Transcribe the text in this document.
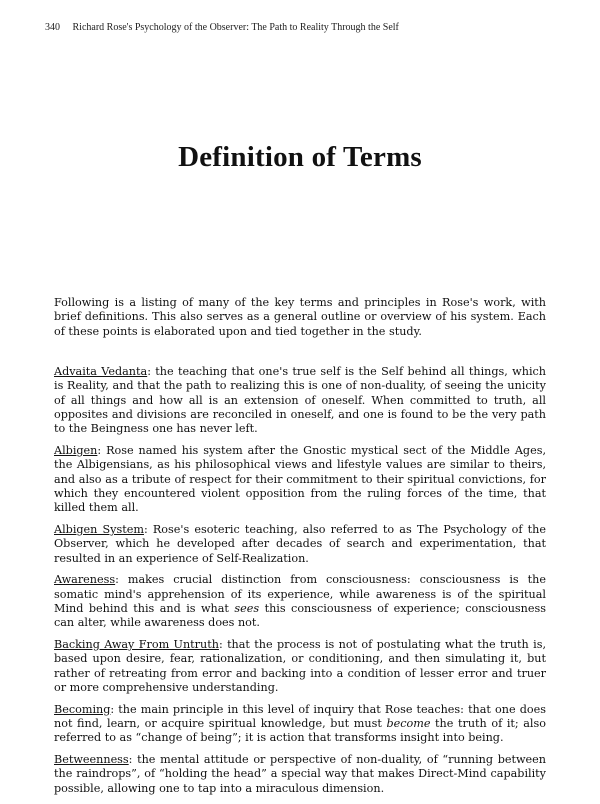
340 Richard Rose's Psychology of the Observer: The Path to Reality Through the Self
Definition of Terms

Following is a listing of many of the key terms and principles in Rose's work, with brief definitions. This also serves as a general outline or overview of his system. Each of these points is elaborated upon and tied together in the study.

Advaita Vedanta: the teaching that one's true self is the Self behind all things, which is Reality, and that the path to realizing this is one of non-duality, of seeing the unicity of all things and how all is an extension of oneself. When committed to truth, all opposites and divisions are reconciled in oneself, and one is found to be the very path to the Beingness one has never left.

Albigen: Rose named his system after the Gnostic mystical sect of the Middle Ages, the Albigensians, as his philosophical views and lifestyle values are similar to theirs, and also as a tribute of respect for their commitment to their spiritual convictions, for which they encountered violent opposition from the ruling forces of the time, that killed them all.

Albigen System: Rose's esoteric teaching, also referred to as The Psychology of the Observer, which he developed after decades of search and experimentation, that resulted in an experience of Self-Realization.

Awareness: makes crucial distinction from consciousness: consciousness is the somatic mind's apprehension of its experience, while awareness is of the spiritual Mind behind this and is what sees this consciousness of experience; consciousness can alter, while awareness does not.

Backing Away From Untruth: that the process is not of postulating what the truth is, based upon desire, fear, rationalization, or conditioning, and then simulating it, but rather of retreating from error and backing into a condition of lesser error and truer or more comprehensive understanding.

Becoming: the main principle in this level of inquiry that Rose teaches: that one does not find, learn, or acquire spiritual knowledge, but must become the truth of it; also referred to as “change of being”; it is action that transforms insight into being.

Betweenness: the mental attitude or perspective of non-duality, of “running between the raindrops”, of “holding the head” a special way that makes Direct-Mind capability possible, allowing one to tap into a miraculous dimension.
